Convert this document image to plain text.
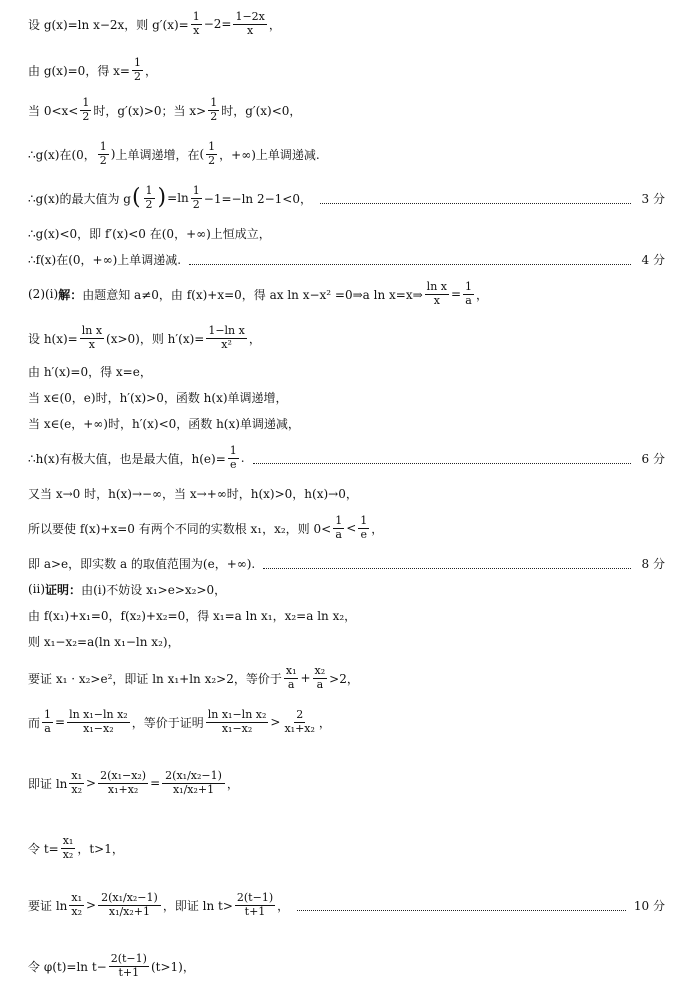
设 g(x)=ln x−2x，则 $g'(x)= \frac{1}{x} -2= \frac{1-2x}{x}$ ，
由 g(x)=0，得 $x= \frac{1}{2}$ ，
当 $0<x< \frac{1}{2}$ 时，g′(x)>0；当 $x> \frac{1}{2}$ 时，g′(x)<0，
∴g(x)在 (0， $\frac{1}{2}$ ) 上单调递增，在 ( $\frac{1}{2}$ ，+∞) 上单调递减.
∴g(x)的最大值为 g ( $\frac{1}{2}$ ) $=\ln \frac{1}{2} -1=-\ln$ 2−1<0，	3 分
∴g(x)<0，即 f′(x)<0 在(0，+∞)上恒成立，
∴f(x)在(0，+∞)上单调递减.	4 分
(2)(ⅰ) 解： 由题意知 a≠0，由 f(x)+x=0，得 ax ln x−x² =0⇒a ln x=x⇒ $\frac{\text{ln x}}{x} = \frac{1}{a}$ ，
设 $h(x)= \frac{\text{ln x}}{x} (x>0)$，则 $h'(x)= \frac{\text{1−ln x}}{\text{x²}}$ ，
由 h′(x)=0，得 x=e，
当 x∈(0，e)时，h′(x)>0，函数 h(x)单调递增，
当 x∈(e，+∞)时，h′(x)<0，函数 h(x)单调递减，
∴h(x)有极大值，也是最大值，$h(e)= \frac{1}{e}$ .	6 分
又当 x→0 时，h(x)→−∞，当 x→+∞时，h(x)>0，h(x)→0，
所以要使 f(x)+x=0 有两个不同的实数根 x₁，x₂，则 $0< \frac{1}{a} < \frac{1}{e}$ ，
即 a>e，即实数 a 的取值范围为(e，+∞).	8 分
(ⅱ) 证明： 由(ⅰ)不妨设 x₁>e>x₂>0，
由 f(x₁)+x₁=0，f(x₂)+x₂=0，得 x₁=a ln x₁，x₂=a ln x₂，
则 x₁−x₂=a(ln x₁−ln x₂)，
要证 x₁ · x₂>e²，即证 ln x₁+ln x₂>2，等价于 $\frac{\text{x₁}}{a} + \frac{\text{x₂}}{a} >2$，
而 $\frac{1}{a} = \frac{\text{ln x₁−ln x₂}}{\text{x₁−x₂}}$ ，等价于证明 $\frac{\text{ln x₁−ln x₂}}{\text{x₁−x₂}} > \frac{2}{\text{x₁+x₂}}$ ，
即证 $\ln \frac{\text{x₁}}{\text{x₂}} > \frac{\text{2(x₁−x₂)}}{\text{x₁+x₂}} = \frac{\text{2(x₁/x₂−1)}}{\text{x₁/x₂+1}}$ ，
令 $t= \frac{\text{x₁}}{\text{x₂}}$ ，t>1，
要证 $\ln \frac{\text{x₁}}{\text{x₂}} > \frac{\text{2(x₁/x₂−1)}}{\text{x₁/x₂+1}}$ ，即证 $\ln t> \frac{2(t-1)}{t+1}$ ，	10 分
令 φ(t)=ln $t- \frac{2(t-1)}{t+1} (t>1)$，
